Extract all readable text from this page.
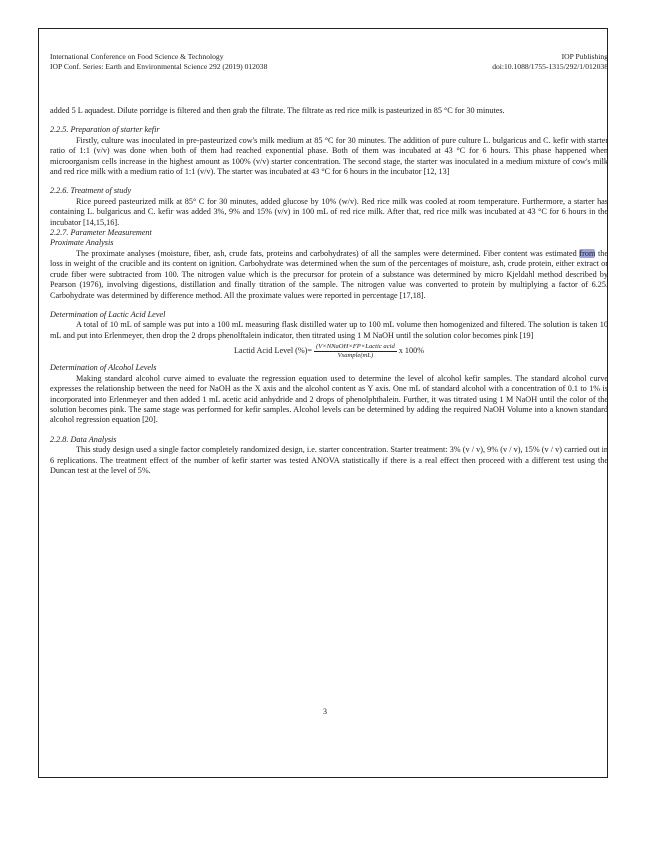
International Conference on Food Science & Technology	IOP Publishing
IOP Conf. Series: Earth and Environmental Science 292 (2019) 012038	doi:10.1088/1755-1315/292/1/012038

added 5 L aquadest. Dilute porridge is filtered and then grab the filtrate. The filtrate as red rice milk is pasteurized in 85 °C for 30 minutes.

2.2.5. Preparation of starter kefir

Firstly, culture was inoculated in pre-pasteurized cow's milk medium at 85 °C for 30 minutes. The addition of pure culture L. bulgaricus and C. kefir with starter ratio of 1:1 (v/v) was done when both of them had reached exponential phase. Both of them was incubated at 43 °C for 6 hours. This phase happened when microorganism cells increase in the highest amount as 100% (v/v) starter concentration. The second stage, the starter was inoculated in a medium mixture of cow's milk and red rice milk with a medium ratio of 1:1 (v/v). The starter was incubated at 43 °C for 6 hours in the incubator [12, 13]

2.2.6. Treatment of study

Rice pureed pasteurized milk at 85° C for 30 minutes, added glucose by 10% (w/v). Red rice milk was cooled at room temperature. Furthermore, a starter has containing L. bulgaricus and C. kefir was added 3%, 9% and 15% (v/v) in 100 mL of red rice milk. After that, red rice milk was incubated at 43 °C for 6 hours in the incubator [14,15,16].

2.2.7. Parameter Measurement

Proximate Analysis

The proximate analyses (moisture, fiber, ash, crude fats, proteins and carbohydrates) of all the samples were determined. Fiber content was estimated from the loss in weight of the crucible and its content on ignition. Carbohydrate was determined when the sum of the percentages of moisture, ash, crude protein, either extract or crude fiber were subtracted from 100. The nitrogen value which is the precursor for protein of a substance was determined by micro Kjeldahl method described by Pearson (1976), involving digestions, distillation and finally titration of the sample. The nitrogen value was converted to protein by multiplying a factor of 6.25. Carbohydrate was determined by difference method. All the proximate values were reported in percentage [17,18].

Determination of Lactic Acid Level

A total of 10 mL of sample was put into a 100 mL measuring flask distilled water up to 100 mL volume then homogenized and filtered. The solution is taken 10 mL and put into Erlenmeyer, then drop the 2 drops phenolftalein indicator, then titrated using 1 M NaOH until the solution color becomes pink [19]

Lactid Acid Level (%)= $\frac{\text{(V×NNaOH×FP×Lactic acid}}{\text{Vsample(mL)}}$ x 100%

Determination of Alcohol Levels

Making standard alcohol curve aimed to evaluate the regression equation used to determine the level of alcohol kefir samples. The standard alcohol curve expresses the relationship between the need for NaOH as the X axis and the alcohol content as Y axis. One mL of standard alcohol with a concentration of 0.1 to 1% is incorporated into Erlenmeyer and then added 1 mL acetic acid anhydride and 2 drops of phenolphthalein. Further, it was titrated using 1 M NaOH until the color of the solution becomes pink. The same stage was performed for kefir samples. Alcohol levels can be determined by adding the required NaOH Volume into a known standard alcohol regression equation [20].

2.2.8. Data Analysis

This study design used a single factor completely randomized design, i.e. starter concentration. Starter treatment: 3% (v / v), 9% (v / v), 15% (v / v) carried out in 6 replications. The treatment effect of the number of kefir starter was tested ANOVA statistically if there is a real effect then proceed with a different test using the Duncan test at the level of 5%.

3
